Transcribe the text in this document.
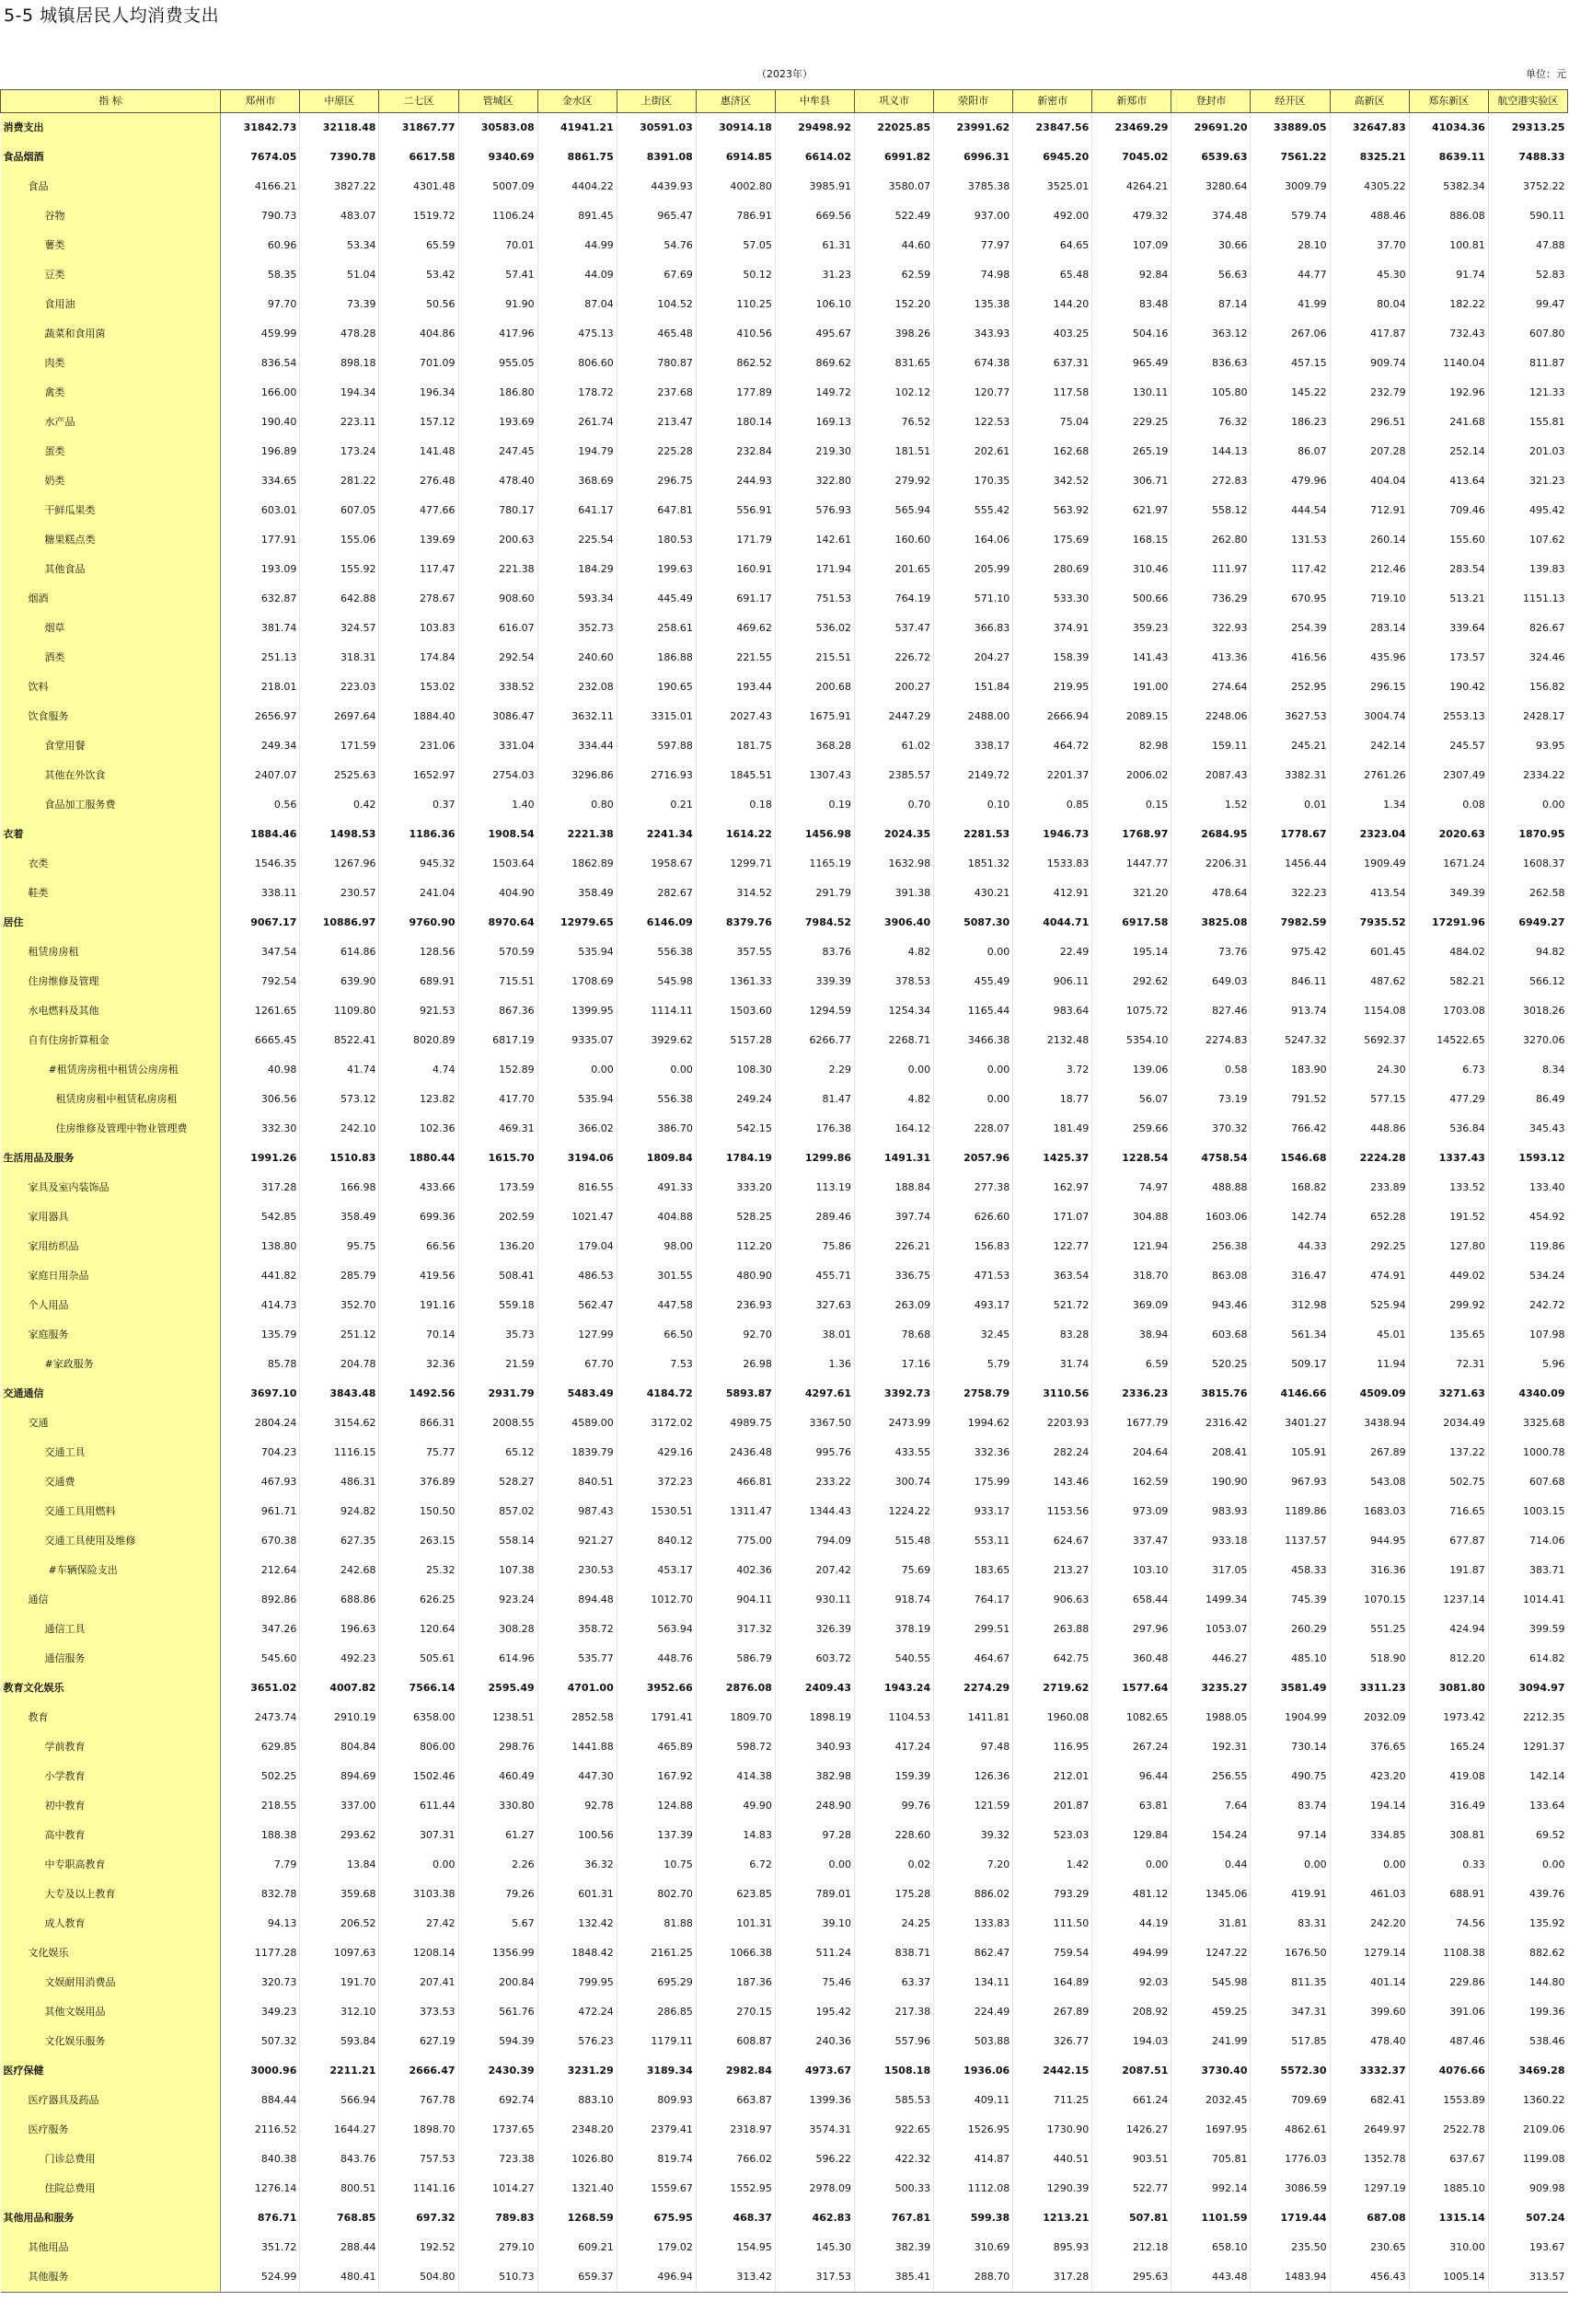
5-5 城镇居民人均消费支出
（2023年）	单位：元
指 标	郑州市	中原区	二七区	管城区	金水区	上街区	惠济区	中牟县	巩义市	荥阳市	新密市	新郑市	登封市	经开区	高新区	郑东新区	航空港实验区
消费支出	31842.73	32118.48	31867.77	30583.08	41941.21	30591.03	30914.18	29498.92	22025.85	23991.62	23847.56	23469.29	29691.20	33889.05	32647.83	41034.36	29313.25
食品烟酒	7674.05	7390.78	6617.58	9340.69	8861.75	8391.08	6914.85	6614.02	6991.82	6996.31	6945.20	7045.02	6539.63	7561.22	8325.21	8639.11	7488.33
食品	4166.21	3827.22	4301.48	5007.09	4404.22	4439.93	4002.80	3985.91	3580.07	3785.38	3525.01	4264.21	3280.64	3009.79	4305.22	5382.34	3752.22
谷物	790.73	483.07	1519.72	1106.24	891.45	965.47	786.91	669.56	522.49	937.00	492.00	479.32	374.48	579.74	488.46	886.08	590.11
薯类	60.96	53.34	65.59	70.01	44.99	54.76	57.05	61.31	44.60	77.97	64.65	107.09	30.66	28.10	37.70	100.81	47.88
豆类	58.35	51.04	53.42	57.41	44.09	67.69	50.12	31.23	62.59	74.98	65.48	92.84	56.63	44.77	45.30	91.74	52.83
食用油	97.70	73.39	50.56	91.90	87.04	104.52	110.25	106.10	152.20	135.38	144.20	83.48	87.14	41.99	80.04	182.22	99.47
蔬菜和食用菌	459.99	478.28	404.86	417.96	475.13	465.48	410.56	495.67	398.26	343.93	403.25	504.16	363.12	267.06	417.87	732.43	607.80
肉类	836.54	898.18	701.09	955.05	806.60	780.87	862.52	869.62	831.65	674.38	637.31	965.49	836.63	457.15	909.74	1140.04	811.87
禽类	166.00	194.34	196.34	186.80	178.72	237.68	177.89	149.72	102.12	120.77	117.58	130.11	105.80	145.22	232.79	192.96	121.33
水产品	190.40	223.11	157.12	193.69	261.74	213.47	180.14	169.13	76.52	122.53	75.04	229.25	76.32	186.23	296.51	241.68	155.81
蛋类	196.89	173.24	141.48	247.45	194.79	225.28	232.84	219.30	181.51	202.61	162.68	265.19	144.13	86.07	207.28	252.14	201.03
奶类	334.65	281.22	276.48	478.40	368.69	296.75	244.93	322.80	279.92	170.35	342.52	306.71	272.83	479.96	404.04	413.64	321.23
干鲜瓜果类	603.01	607.05	477.66	780.17	641.17	647.81	556.91	576.93	565.94	555.42	563.92	621.97	558.12	444.54	712.91	709.46	495.42
糖果糕点类	177.91	155.06	139.69	200.63	225.54	180.53	171.79	142.61	160.60	164.06	175.69	168.15	262.80	131.53	260.14	155.60	107.62
其他食品	193.09	155.92	117.47	221.38	184.29	199.63	160.91	171.94	201.65	205.99	280.69	310.46	111.97	117.42	212.46	283.54	139.83
烟酒	632.87	642.88	278.67	908.60	593.34	445.49	691.17	751.53	764.19	571.10	533.30	500.66	736.29	670.95	719.10	513.21	1151.13
烟草	381.74	324.57	103.83	616.07	352.73	258.61	469.62	536.02	537.47	366.83	374.91	359.23	322.93	254.39	283.14	339.64	826.67
酒类	251.13	318.31	174.84	292.54	240.60	186.88	221.55	215.51	226.72	204.27	158.39	141.43	413.36	416.56	435.96	173.57	324.46
饮料	218.01	223.03	153.02	338.52	232.08	190.65	193.44	200.68	200.27	151.84	219.95	191.00	274.64	252.95	296.15	190.42	156.82
饮食服务	2656.97	2697.64	1884.40	3086.47	3632.11	3315.01	2027.43	1675.91	2447.29	2488.00	2666.94	2089.15	2248.06	3627.53	3004.74	2553.13	2428.17
食堂用餐	249.34	171.59	231.06	331.04	334.44	597.88	181.75	368.28	61.02	338.17	464.72	82.98	159.11	245.21	242.14	245.57	93.95
其他在外饮食	2407.07	2525.63	1652.97	2754.03	3296.86	2716.93	1845.51	1307.43	2385.57	2149.72	2201.37	2006.02	2087.43	3382.31	2761.26	2307.49	2334.22
食品加工服务费	0.56	0.42	0.37	1.40	0.80	0.21	0.18	0.19	0.70	0.10	0.85	0.15	1.52	0.01	1.34	0.08	0.00
衣着	1884.46	1498.53	1186.36	1908.54	2221.38	2241.34	1614.22	1456.98	2024.35	2281.53	1946.73	1768.97	2684.95	1778.67	2323.04	2020.63	1870.95
衣类	1546.35	1267.96	945.32	1503.64	1862.89	1958.67	1299.71	1165.19	1632.98	1851.32	1533.83	1447.77	2206.31	1456.44	1909.49	1671.24	1608.37
鞋类	338.11	230.57	241.04	404.90	358.49	282.67	314.52	291.79	391.38	430.21	412.91	321.20	478.64	322.23	413.54	349.39	262.58
居住	9067.17	10886.97	9760.90	8970.64	12979.65	6146.09	8379.76	7984.52	3906.40	5087.30	4044.71	6917.58	3825.08	7982.59	7935.52	17291.96	6949.27
租赁房房租	347.54	614.86	128.56	570.59	535.94	556.38	357.55	83.76	4.82	0.00	22.49	195.14	73.76	975.42	601.45	484.02	94.82
住房维修及管理	792.54	639.90	689.91	715.51	1708.69	545.98	1361.33	339.39	378.53	455.49	906.11	292.62	649.03	846.11	487.62	582.21	566.12
水电燃料及其他	1261.65	1109.80	921.53	867.36	1399.95	1114.11	1503.60	1294.59	1254.34	1165.44	983.64	1075.72	827.46	913.74	1154.08	1703.08	3018.26
自有住房折算租金	6665.45	8522.41	8020.89	6817.19	9335.07	3929.62	5157.28	6266.77	2268.71	3466.38	2132.48	5354.10	2274.83	5247.32	5692.37	14522.65	3270.06
#租赁房房租中租赁公房房租	40.98	41.74	4.74	152.89	0.00	0.00	108.30	2.29	0.00	0.00	3.72	139.06	0.58	183.90	24.30	6.73	8.34
租赁房房租中租赁私房房租	306.56	573.12	123.82	417.70	535.94	556.38	249.24	81.47	4.82	0.00	18.77	56.07	73.19	791.52	577.15	477.29	86.49
住房维修及管理中物业管理费	332.30	242.10	102.36	469.31	366.02	386.70	542.15	176.38	164.12	228.07	181.49	259.66	370.32	766.42	448.86	536.84	345.43
生活用品及服务	1991.26	1510.83	1880.44	1615.70	3194.06	1809.84	1784.19	1299.86	1491.31	2057.96	1425.37	1228.54	4758.54	1546.68	2224.28	1337.43	1593.12
家具及室内装饰品	317.28	166.98	433.66	173.59	816.55	491.33	333.20	113.19	188.84	277.38	162.97	74.97	488.88	168.82	233.89	133.52	133.40
家用器具	542.85	358.49	699.36	202.59	1021.47	404.88	528.25	289.46	397.74	626.60	171.07	304.88	1603.06	142.74	652.28	191.52	454.92
家用纺织品	138.80	95.75	66.56	136.20	179.04	98.00	112.20	75.86	226.21	156.83	122.77	121.94	256.38	44.33	292.25	127.80	119.86
家庭日用杂品	441.82	285.79	419.56	508.41	486.53	301.55	480.90	455.71	336.75	471.53	363.54	318.70	863.08	316.47	474.91	449.02	534.24
个人用品	414.73	352.70	191.16	559.18	562.47	447.58	236.93	327.63	263.09	493.17	521.72	369.09	943.46	312.98	525.94	299.92	242.72
家庭服务	135.79	251.12	70.14	35.73	127.99	66.50	92.70	38.01	78.68	32.45	83.28	38.94	603.68	561.34	45.01	135.65	107.98
#家政服务	85.78	204.78	32.36	21.59	67.70	7.53	26.98	1.36	17.16	5.79	31.74	6.59	520.25	509.17	11.94	72.31	5.96
交通通信	3697.10	3843.48	1492.56	2931.79	5483.49	4184.72	5893.87	4297.61	3392.73	2758.79	3110.56	2336.23	3815.76	4146.66	4509.09	3271.63	4340.09
交通	2804.24	3154.62	866.31	2008.55	4589.00	3172.02	4989.75	3367.50	2473.99	1994.62	2203.93	1677.79	2316.42	3401.27	3438.94	2034.49	3325.68
交通工具	704.23	1116.15	75.77	65.12	1839.79	429.16	2436.48	995.76	433.55	332.36	282.24	204.64	208.41	105.91	267.89	137.22	1000.78
交通费	467.93	486.31	376.89	528.27	840.51	372.23	466.81	233.22	300.74	175.99	143.46	162.59	190.90	967.93	543.08	502.75	607.68
交通工具用燃料	961.71	924.82	150.50	857.02	987.43	1530.51	1311.47	1344.43	1224.22	933.17	1153.56	973.09	983.93	1189.86	1683.03	716.65	1003.15
交通工具使用及维修	670.38	627.35	263.15	558.14	921.27	840.12	775.00	794.09	515.48	553.11	624.67	337.47	933.18	1137.57	944.95	677.87	714.06
#车辆保险支出	212.64	242.68	25.32	107.38	230.53	453.17	402.36	207.42	75.69	183.65	213.27	103.10	317.05	458.33	316.36	191.87	383.71
通信	892.86	688.86	626.25	923.24	894.48	1012.70	904.11	930.11	918.74	764.17	906.63	658.44	1499.34	745.39	1070.15	1237.14	1014.41
通信工具	347.26	196.63	120.64	308.28	358.72	563.94	317.32	326.39	378.19	299.51	263.88	297.96	1053.07	260.29	551.25	424.94	399.59
通信服务	545.60	492.23	505.61	614.96	535.77	448.76	586.79	603.72	540.55	464.67	642.75	360.48	446.27	485.10	518.90	812.20	614.82
教育文化娱乐	3651.02	4007.82	7566.14	2595.49	4701.00	3952.66	2876.08	2409.43	1943.24	2274.29	2719.62	1577.64	3235.27	3581.49	3311.23	3081.80	3094.97
教育	2473.74	2910.19	6358.00	1238.51	2852.58	1791.41	1809.70	1898.19	1104.53	1411.81	1960.08	1082.65	1988.05	1904.99	2032.09	1973.42	2212.35
学前教育	629.85	804.84	806.00	298.76	1441.88	465.89	598.72	340.93	417.24	97.48	116.95	267.24	192.31	730.14	376.65	165.24	1291.37
小学教育	502.25	894.69	1502.46	460.49	447.30	167.92	414.38	382.98	159.39	126.36	212.01	96.44	256.55	490.75	423.20	419.08	142.14
初中教育	218.55	337.00	611.44	330.80	92.78	124.88	49.90	248.90	99.76	121.59	201.87	63.81	7.64	83.74	194.14	316.49	133.64
高中教育	188.38	293.62	307.31	61.27	100.56	137.39	14.83	97.28	228.60	39.32	523.03	129.84	154.24	97.14	334.85	308.81	69.52
中专职高教育	7.79	13.84	0.00	2.26	36.32	10.75	6.72	0.00	0.02	7.20	1.42	0.00	0.44	0.00	0.00	0.33	0.00
大专及以上教育	832.78	359.68	3103.38	79.26	601.31	802.70	623.85	789.01	175.28	886.02	793.29	481.12	1345.06	419.91	461.03	688.91	439.76
成人教育	94.13	206.52	27.42	5.67	132.42	81.88	101.31	39.10	24.25	133.83	111.50	44.19	31.81	83.31	242.20	74.56	135.92
文化娱乐	1177.28	1097.63	1208.14	1356.99	1848.42	2161.25	1066.38	511.24	838.71	862.47	759.54	494.99	1247.22	1676.50	1279.14	1108.38	882.62
文娱耐用消费品	320.73	191.70	207.41	200.84	799.95	695.29	187.36	75.46	63.37	134.11	164.89	92.03	545.98	811.35	401.14	229.86	144.80
其他文娱用品	349.23	312.10	373.53	561.76	472.24	286.85	270.15	195.42	217.38	224.49	267.89	208.92	459.25	347.31	399.60	391.06	199.36
文化娱乐服务	507.32	593.84	627.19	594.39	576.23	1179.11	608.87	240.36	557.96	503.88	326.77	194.03	241.99	517.85	478.40	487.46	538.46
医疗保健	3000.96	2211.21	2666.47	2430.39	3231.29	3189.34	2982.84	4973.67	1508.18	1936.06	2442.15	2087.51	3730.40	5572.30	3332.37	4076.66	3469.28
医疗器具及药品	884.44	566.94	767.78	692.74	883.10	809.93	663.87	1399.36	585.53	409.11	711.25	661.24	2032.45	709.69	682.41	1553.89	1360.22
医疗服务	2116.52	1644.27	1898.70	1737.65	2348.20	2379.41	2318.97	3574.31	922.65	1526.95	1730.90	1426.27	1697.95	4862.61	2649.97	2522.78	2109.06
门诊总费用	840.38	843.76	757.53	723.38	1026.80	819.74	766.02	596.22	422.32	414.87	440.51	903.51	705.81	1776.03	1352.78	637.67	1199.08
住院总费用	1276.14	800.51	1141.16	1014.27	1321.40	1559.67	1552.95	2978.09	500.33	1112.08	1290.39	522.77	992.14	3086.59	1297.19	1885.10	909.98
其他用品和服务	876.71	768.85	697.32	789.83	1268.59	675.95	468.37	462.83	767.81	599.38	1213.21	507.81	1101.59	1719.44	687.08	1315.14	507.24
其他用品	351.72	288.44	192.52	279.10	609.21	179.02	154.95	145.30	382.39	310.69	895.93	212.18	658.10	235.50	230.65	310.00	193.67
其他服务	524.99	480.41	504.80	510.73	659.37	496.94	313.42	317.53	385.41	288.70	317.28	295.63	443.48	1483.94	456.43	1005.14	313.57
